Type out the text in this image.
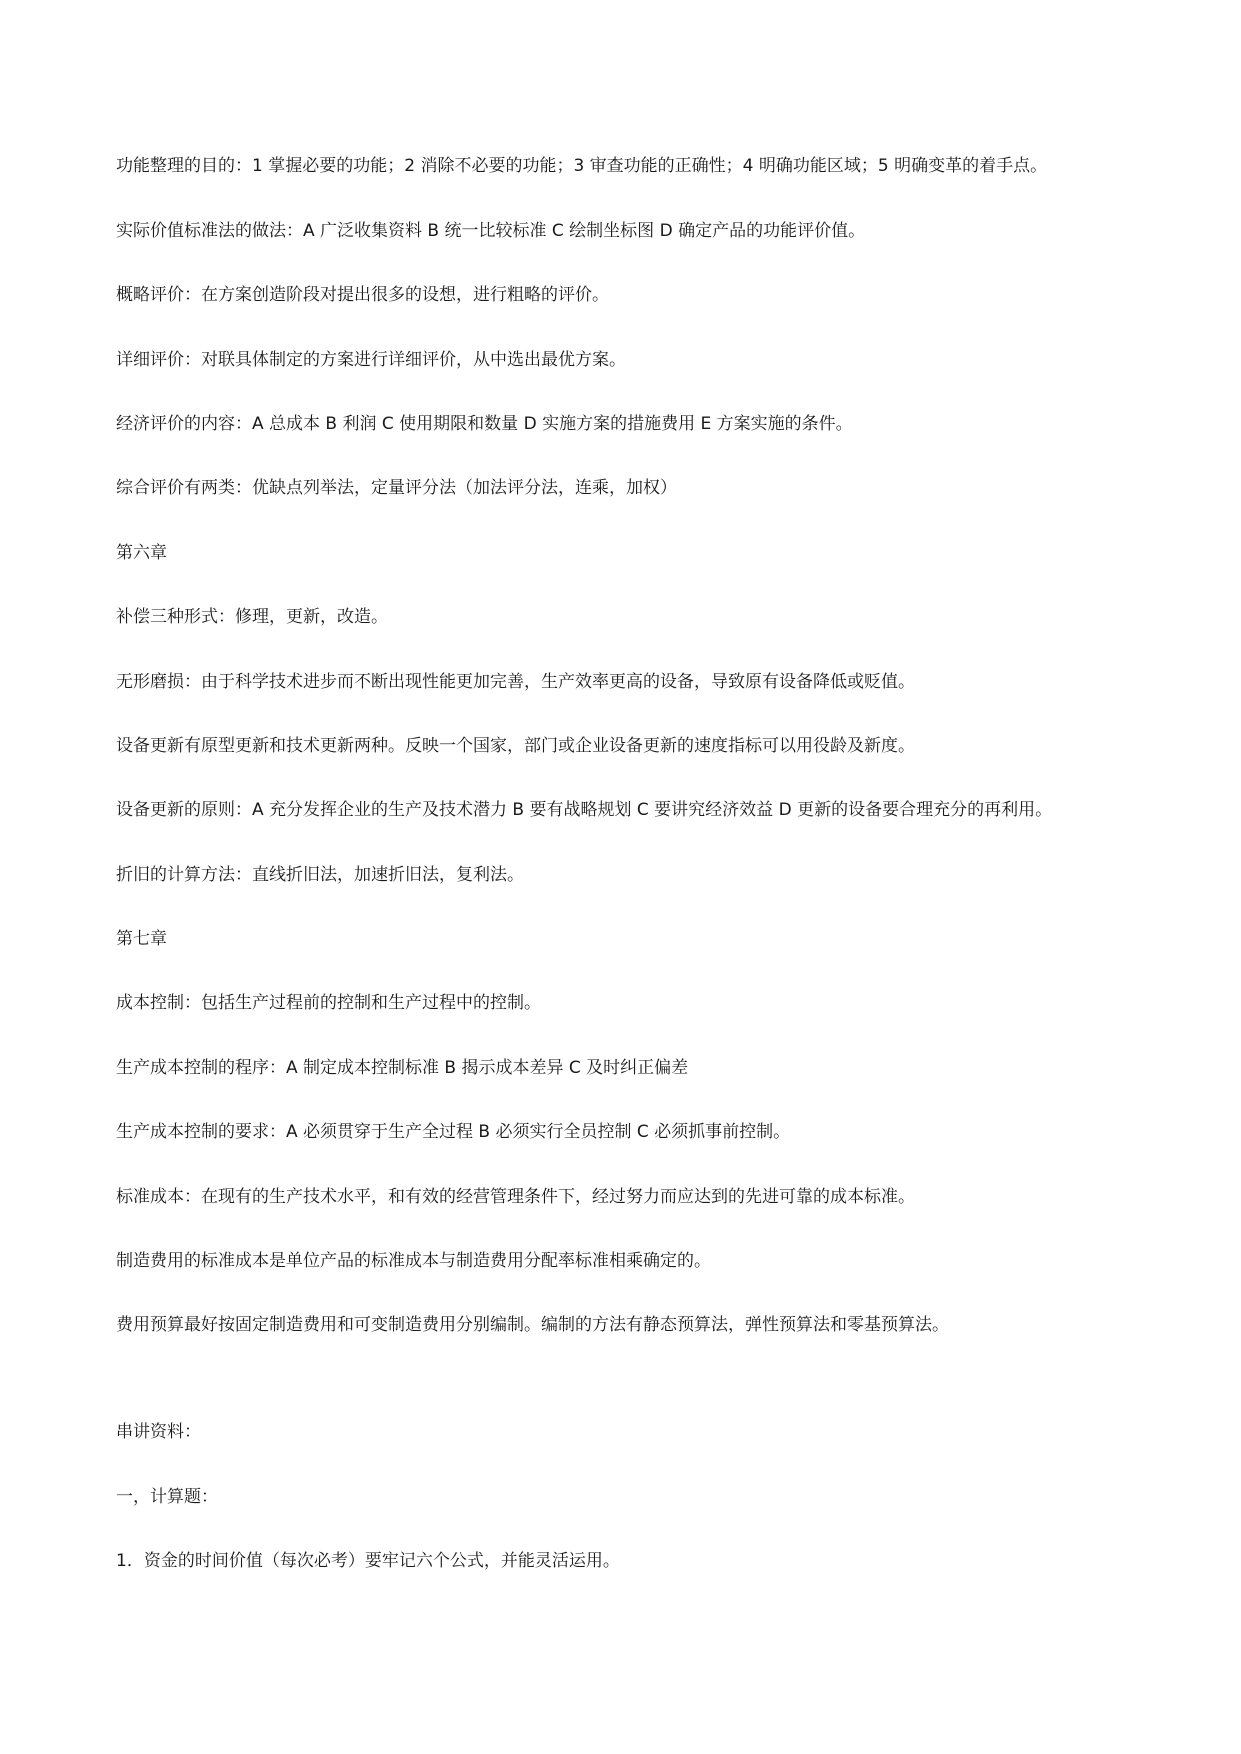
功能整理的目的：1 掌握必要的功能；2 消除不必要的功能；3 审查功能的正确性；4 明确功能区域；5 明确变革的着手点。
实际价值标准法的做法：A 广泛收集资料 B 统一比较标准 C 绘制坐标图 D 确定产品的功能评价值。
概略评价：在方案创造阶段对提出很多的设想，进行粗略的评价。
详细评价：对联具体制定的方案进行详细评价，从中选出最优方案。
经济评价的内容：A 总成本 B 利润 C 使用期限和数量 D 实施方案的措施费用 E 方案实施的条件。
综合评价有两类：优缺点列举法，定量评分法（加法评分法，连乘，加权）
第六章
补偿三种形式：修理，更新，改造。
无形磨损：由于科学技术进步而不断出现性能更加完善，生产效率更高的设备，导致原有设备降低或贬值。
设备更新有原型更新和技术更新两种。反映一个国家，部门或企业设备更新的速度指标可以用役龄及新度。
设备更新的原则：A 充分发挥企业的生产及技术潜力 B 要有战略规划 C 要讲究经济效益 D 更新的设备要合理充分的再利用。
折旧的计算方法：直线折旧法，加速折旧法，复利法。
第七章
成本控制：包括生产过程前的控制和生产过程中的控制。
生产成本控制的程序：A 制定成本控制标准 B 揭示成本差异 C 及时纠正偏差
生产成本控制的要求：A 必须贯穿于生产全过程 B 必须实行全员控制 C 必须抓事前控制。
标准成本：在现有的生产技术水平，和有效的经营管理条件下，经过努力而应达到的先进可靠的成本标准。
制造费用的标准成本是单位产品的标准成本与制造费用分配率标准相乘确定的。
费用预算最好按固定制造费用和可变制造费用分别编制。编制的方法有静态预算法，弹性预算法和零基预算法。
串讲资料：
一，计算题：
1．资金的时间价值（每次必考）要牢记六个公式，并能灵活运用。
